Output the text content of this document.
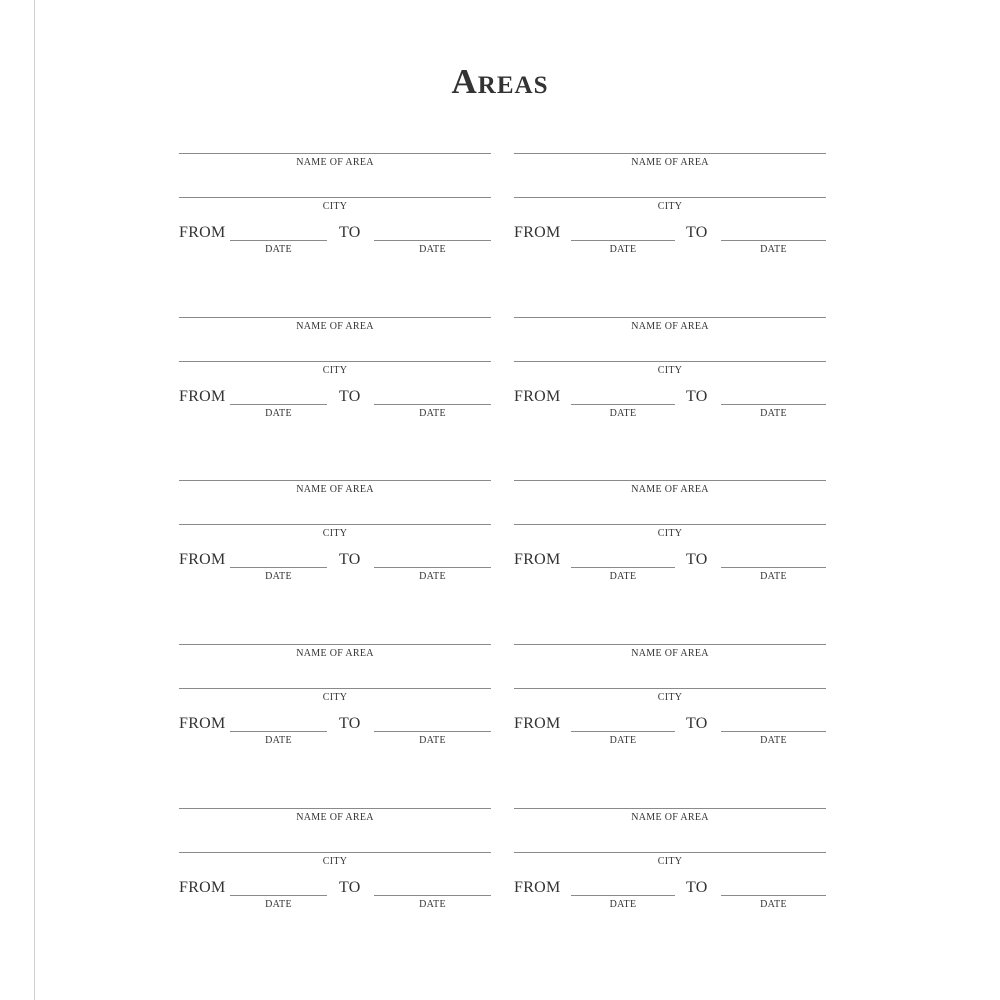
Areas
NAME OF AREA
CITY
FROM
DATE
TO
DATE
NAME OF AREA
CITY
FROM
DATE
TO
DATE
NAME OF AREA
CITY
FROM
DATE
TO
DATE
NAME OF AREA
CITY
FROM
DATE
TO
DATE
NAME OF AREA
CITY
FROM
DATE
TO
DATE
NAME OF AREA
CITY
FROM
DATE
TO
DATE
NAME OF AREA
CITY
FROM
DATE
TO
DATE
NAME OF AREA
CITY
FROM
DATE
TO
DATE
NAME OF AREA
CITY
FROM
DATE
TO
DATE
NAME OF AREA
CITY
FROM
DATE
TO
DATE
